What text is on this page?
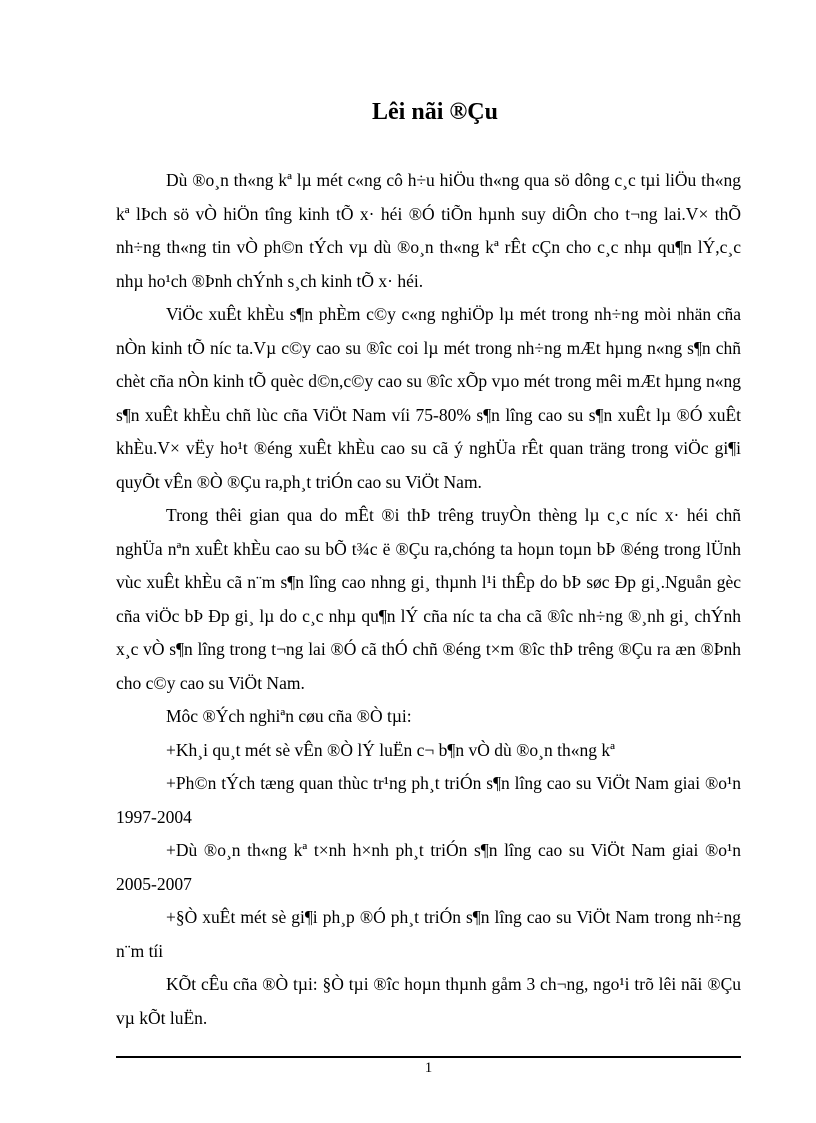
Lêi nãi ®Çu

Dù ®o¸n th«ng kª lµ mét c«ng cô h÷u hiÖu th«ng qua sö dông c¸c tµi liÖu th«ng kª lÞch sö vÒ hiÖn tîng kinh tÕ x· héi ®Ó tiÕn hµnh suy diÔn cho t¬ng lai.V× thÕ nh÷ng th«ng tin vÒ ph©n tÝch vµ dù ®o¸n th«ng kª rÊt cÇn cho c¸c nhµ qu¶n lÝ,c¸c nhµ ho¹ch ®Þnh chÝnh s¸ch kinh tÕ x· héi.

ViÖc xuÊt khÈu s¶n phÈm c©y c«ng nghiÖp lµ mét trong nh÷ng mòi nhän cña nÒn kinh tÕ níc ta.Vµ c©y cao su ®îc coi lµ mét trong nh÷ng mÆt hµng n«ng s¶n chñ chèt cña nÒn kinh tÕ quèc d©n,c©y cao su ®îc xÕp vµo mét trong mêi mÆt hµng n«ng s¶n xuÊt khÈu chñ lùc cña ViÖt Nam víi 75-80% s¶n lîng cao su s¶n xuÊt lµ ®Ó xuÊt khÈu.V× vËy ho¹t ®éng xuÊt khÈu cao su cã ý nghÜa rÊt quan träng trong viÖc gi¶i quyÕt vÊn ®Ò ®Çu ra,ph¸t triÓn cao su ViÖt Nam.

Trong thêi gian qua do mÊt ®i thÞ trêng truyÒn thèng lµ c¸c níc x· héi chñ nghÜa nªn xuÊt khÈu cao su bÕ t¾c ë ®Çu ra,chóng ta hoµn toµn bÞ ®éng trong lÜnh vùc xuÊt khÈu cã n¨m s¶n lîng cao nhng gi¸ thµnh l¹i thÊp do bÞ søc Ðp gi¸.Nguån gèc cña viÖc bÞ Ðp gi¸ lµ do c¸c nhµ qu¶n lÝ cña níc ta cha cã ®îc nh÷ng ®¸nh gi¸ chÝnh x¸c vÒ s¶n lîng trong t¬ng lai ®Ó cã thÓ chñ ®éng t×m ®îc thÞ trêng ®Çu ra æn ®Þnh cho c©y cao su ViÖt Nam.

Môc ®Ých nghiªn cøu cña ®Ò tµi:

+Kh¸i qu¸t mét sè vÊn ®Ò lÝ luËn c¬ b¶n vÒ dù ®o¸n th«ng kª

+Ph©n tÝch tæng quan thùc tr¹ng ph¸t triÓn s¶n lîng cao su ViÖt Nam giai ®o¹n 1997-2004

+Dù ®o¸n th«ng kª t×nh h×nh ph¸t triÓn s¶n lîng cao su ViÖt Nam giai ®o¹n 2005-2007

+§Ò xuÊt mét sè gi¶i ph¸p ®Ó ph¸t triÓn s¶n lîng cao su ViÖt Nam trong nh÷ng n¨m tíi

KÕt cÊu cña ®Ò tµi: §Ò tµi ®îc hoµn thµnh gåm 3 ch¬ng, ngo¹i trõ lêi nãi ®Çu vµ kÕt luËn.

1
